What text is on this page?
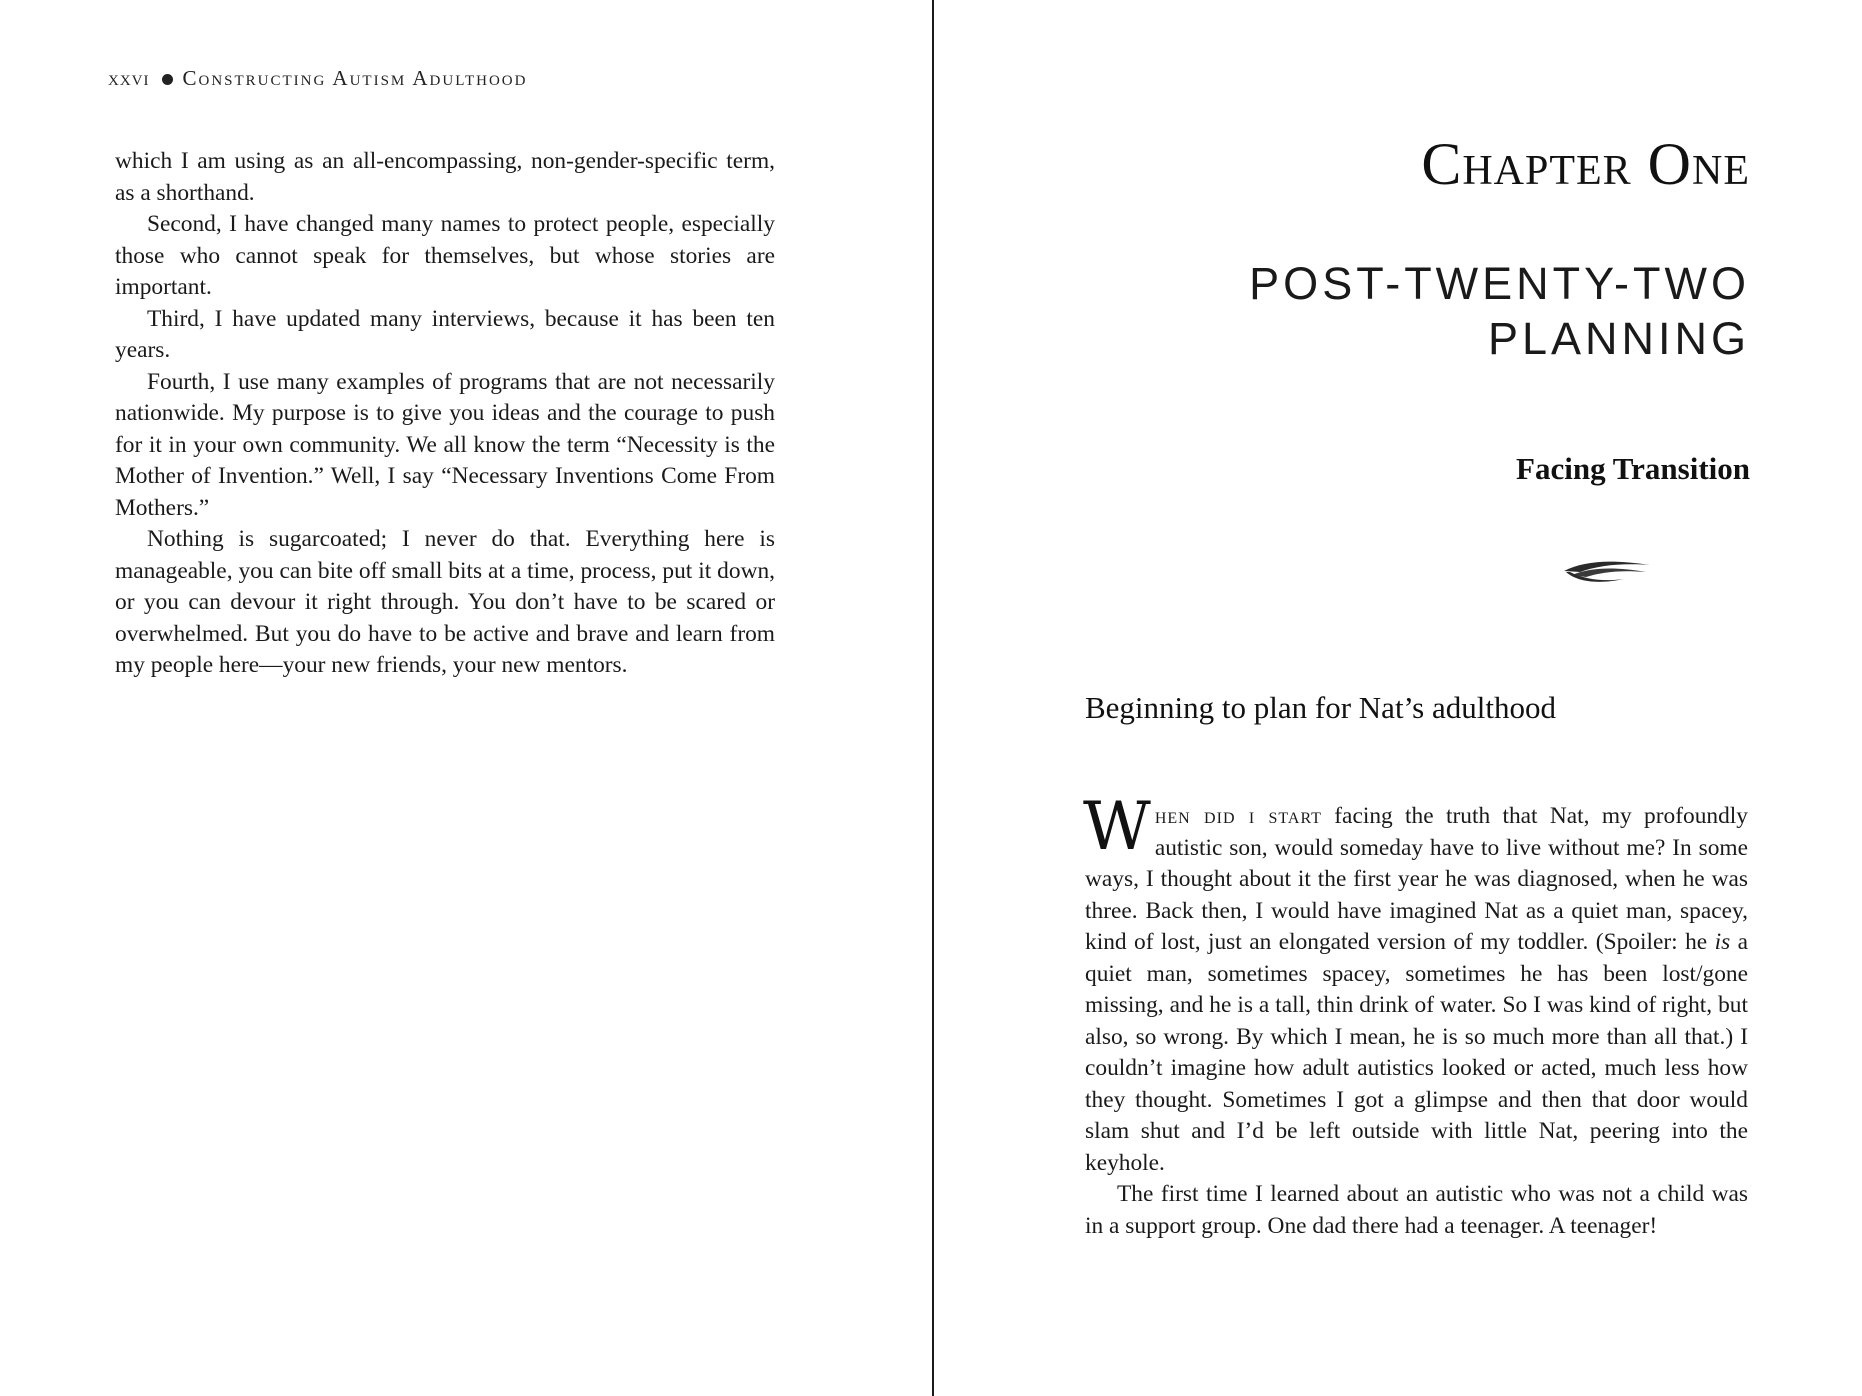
xxvi Constructing Autism Adulthood

which I am using as an all-encompassing, non-gender-specific term, as a shorthand.

Second, I have changed many names to protect people, especially those who cannot speak for themselves, but whose stories are important.

Third, I have updated many interviews, because it has been ten years.

Fourth, I use many examples of programs that are not necessarily nationwide. My purpose is to give you ideas and the courage to push for it in your own community. We all know the term “Necessity is the Mother of Invention.” Well, I say “Necessary Inventions Come From Mothers.”

Nothing is sugarcoated; I never do that. Everything here is manageable, you can bite off small bits at a time, process, put it down, or you can devour it right through. You don’t have to be scared or overwhelmed. But you do have to be active and brave and learn from my people here—your new friends, your new mentors.

Chapter One
POST-TWENTY-TWO
PLANNING
Facing Transition
Beginning to plan for Nat’s adulthood

When did i start facing the truth that Nat, my profoundly autistic son, would someday have to live without me? In some ways, I thought about it the first year he was diagnosed, when he was three. Back then, I would have imagined Nat as a quiet man, spacey, kind of lost, just an elongated version of my toddler. (Spoiler: he is a quiet man, sometimes spacey, sometimes he has been lost/gone missing, and he is a tall, thin drink of water. So I was kind of right, but also, so wrong. By which I mean, he is so much more than all that.) I couldn’t imagine how adult autistics looked or acted, much less how they thought. Sometimes I got a glimpse and then that door would slam shut and I’d be left outside with little Nat, peering into the keyhole.

The first time I learned about an autistic who was not a child was in a support group. One dad there had a teenager. A teenager!
